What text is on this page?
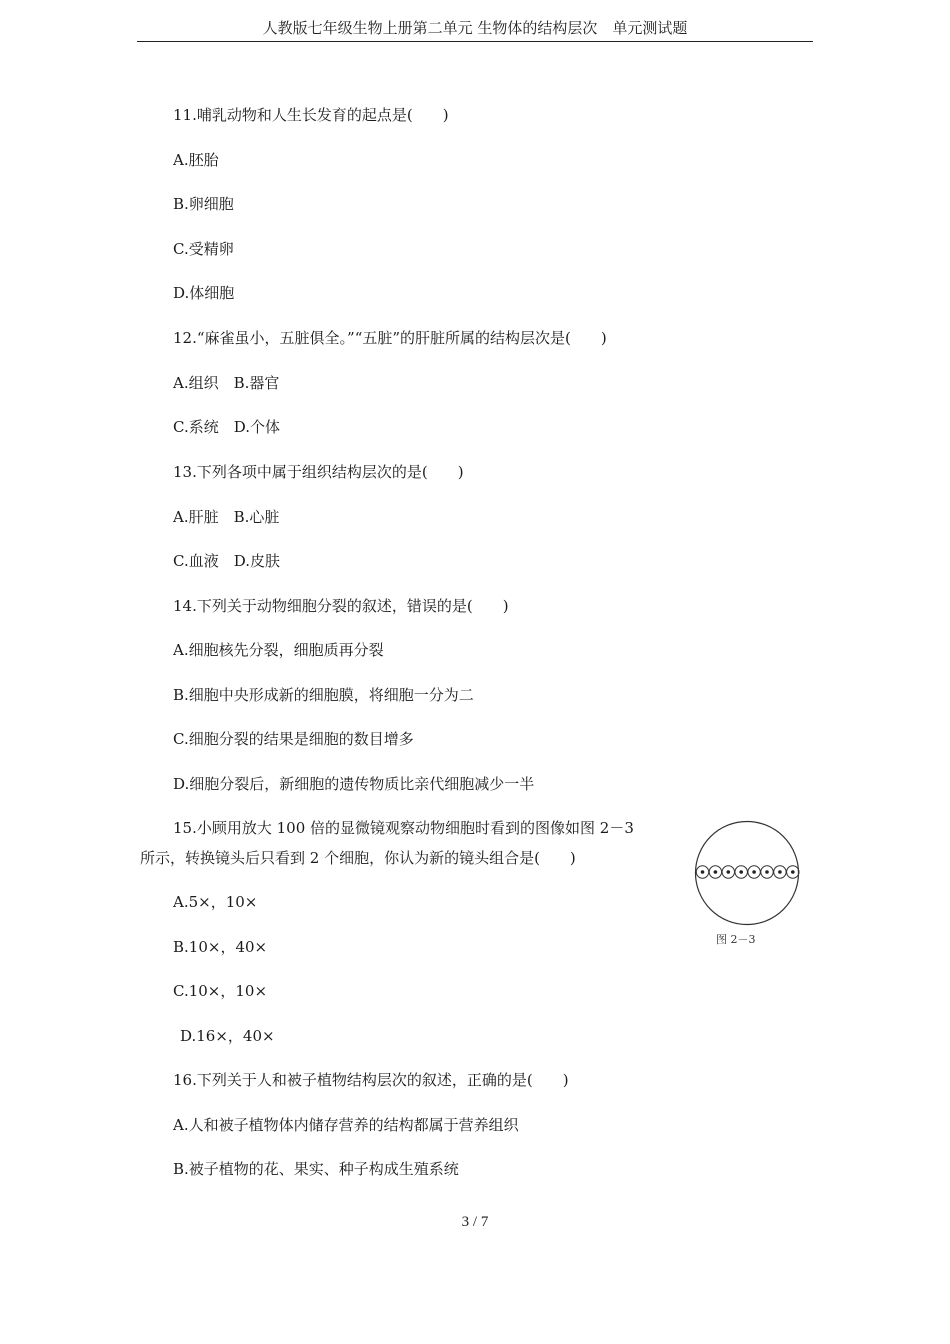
人教版七年级生物上册第二单元 生物体的结构层次　单元测试题
11.哺乳动物和人生长发育的起点是(　　)
A.胚胎
B.卵细胞
C.受精卵
D.体细胞
12.“麻雀虽小，五脏俱全。”“五脏”的肝脏所属的结构层次是(　　)
A.组织　B.器官
C.系统　D.个体
13.下列各项中属于组织结构层次的是(　　)
A.肝脏　B.心脏
C.血液　D.皮肤
14.下列关于动物细胞分裂的叙述，错误的是(　　)
A.细胞核先分裂，细胞质再分裂
B.细胞中央形成新的细胞膜，将细胞一分为二
C.细胞分裂的结果是细胞的数目增多
D.细胞分裂后，新细胞的遗传物质比亲代细胞减少一半
15.小顾用放大 100 倍的显微镜观察动物细胞时看到的图像如图 2－3
所示，转换镜头后只看到 2 个细胞，你认为新的镜头组合是(　　)
A.5×，10×
B.10×，40×
C.10×，10×
D.16×，40×
图 2－3
16.下列关于人和被子植物结构层次的叙述，正确的是(　　)
A.人和被子植物体内储存营养的结构都属于营养组织
B.被子植物的花、果实、种子构成生殖系统
3 / 7
